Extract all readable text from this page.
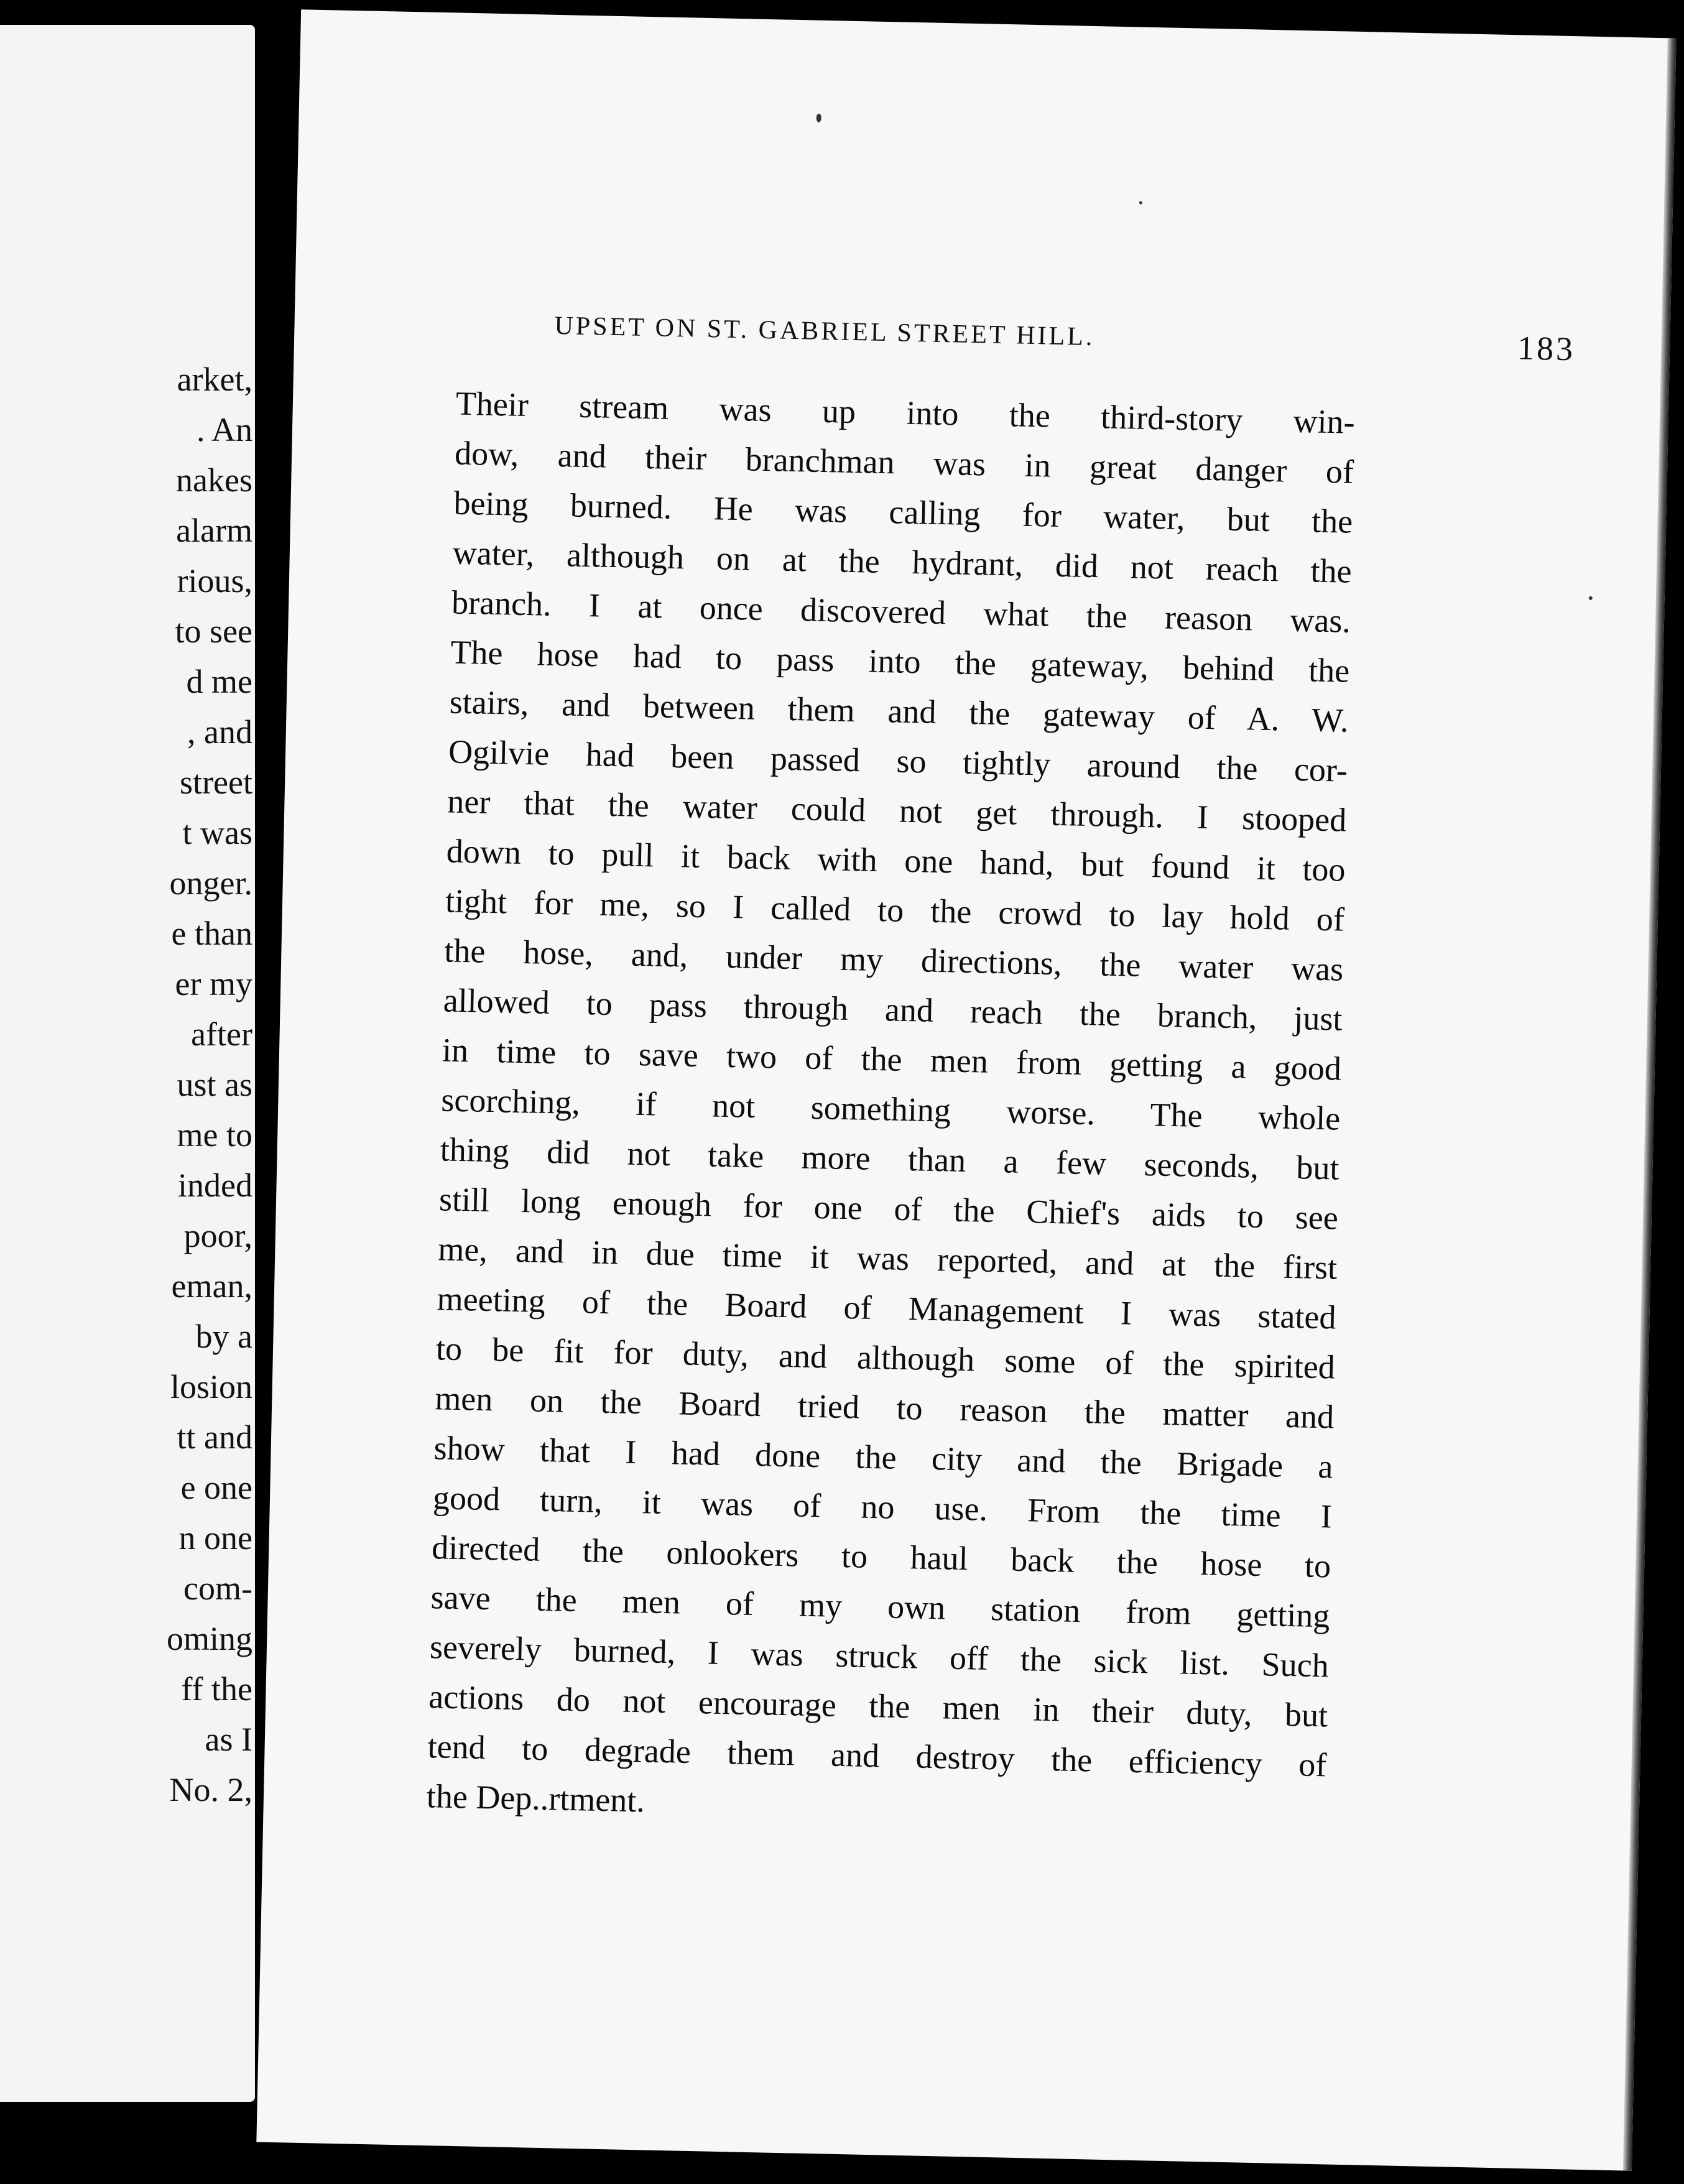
arket,

. An

nakes

alarm

rious,

to see

d me

, and

street

t was

onger.

e than

er my

after

ust as

me to

inded

poor,

eman,

by a

losion

tt and

e one

n one

com-

oming

ff the

as I

No. 2,

UPSET ON ST. GABRIEL STREET HILL.	183
Their stream was up into the third-story win-
dow, and their branchman was in great danger of
being burned. He was calling for water, but the
water, although on at the hydrant, did not reach the
branch. I at once discovered what the reason was.
The hose had to pass into the gateway, behind the
stairs, and between them and the gateway of A. W.
Ogilvie had been passed so tightly around the cor-
ner that the water could not get through. I stooped
down to pull it back with one hand, but found it too
tight for me, so I called to the crowd to lay hold of
the hose, and, under my directions, the water was
allowed to pass through and reach the branch, just
in time to save two of the men from getting a good
scorching, if not something worse. The whole
thing did not take more than a few seconds, but
still long enough for one of the Chief's aids to see
me, and in due time it was reported, and at the first
meeting of the Board of Management I was stated
to be fit for duty, and although some of the spirited
men on the Board tried to reason the matter and
show that I had done the city and the Brigade a
good turn, it was of no use. From the time I
directed the onlookers to haul back the hose to
save the men of my own station from getting
severely burned, I was struck off the sick list. Such
actions do not encourage the men in their duty, but
tend to degrade them and destroy the efficiency of
the Dep..rtment.
